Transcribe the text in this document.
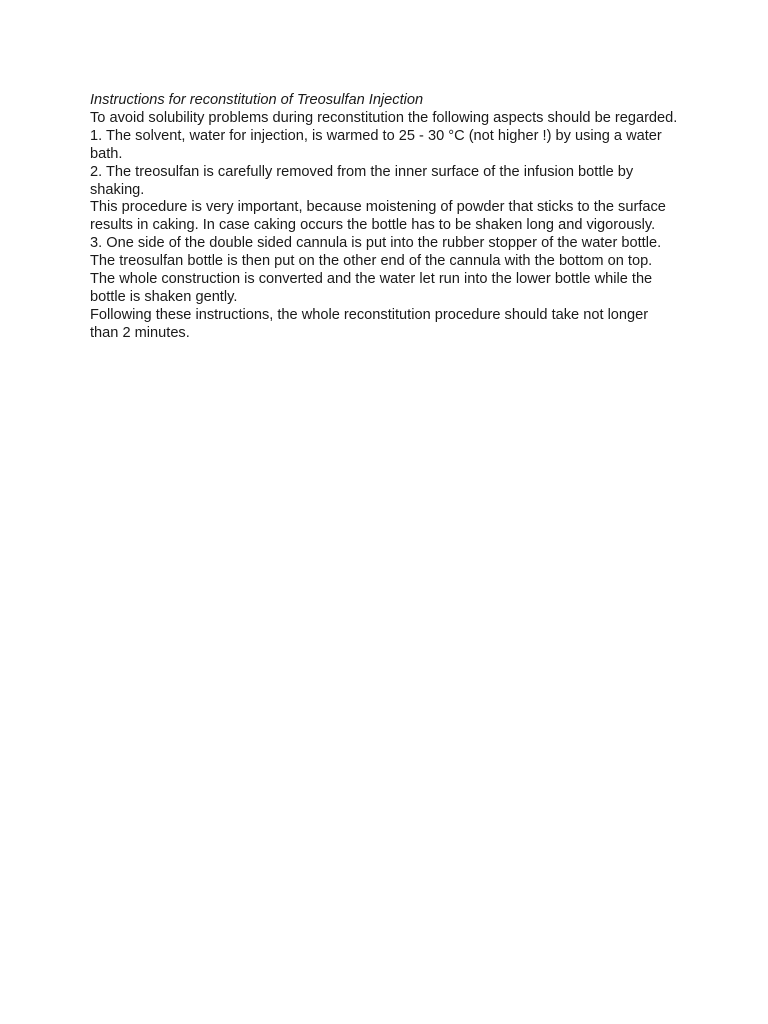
Instructions for reconstitution of Treosulfan Injection

To avoid solubility problems during reconstitution the following aspects should be regarded.

1. The solvent, water for injection, is warmed to 25 - 30 °C (not higher !) by using a water bath.

2. The treosulfan is carefully removed from the inner surface of the infusion bottle by shaking.

This procedure is very important, because moistening of powder that sticks to the surface results in caking. In case caking occurs the bottle has to be shaken long and vigorously.

3. One side of the double sided cannula is put into the rubber stopper of the water bottle. The treosulfan bottle is then put on the other end of the cannula with the bottom on top. The whole construction is converted and the water let run into the lower bottle while the bottle is shaken gently.

Following these instructions, the whole reconstitution procedure should take not longer than 2 minutes.
